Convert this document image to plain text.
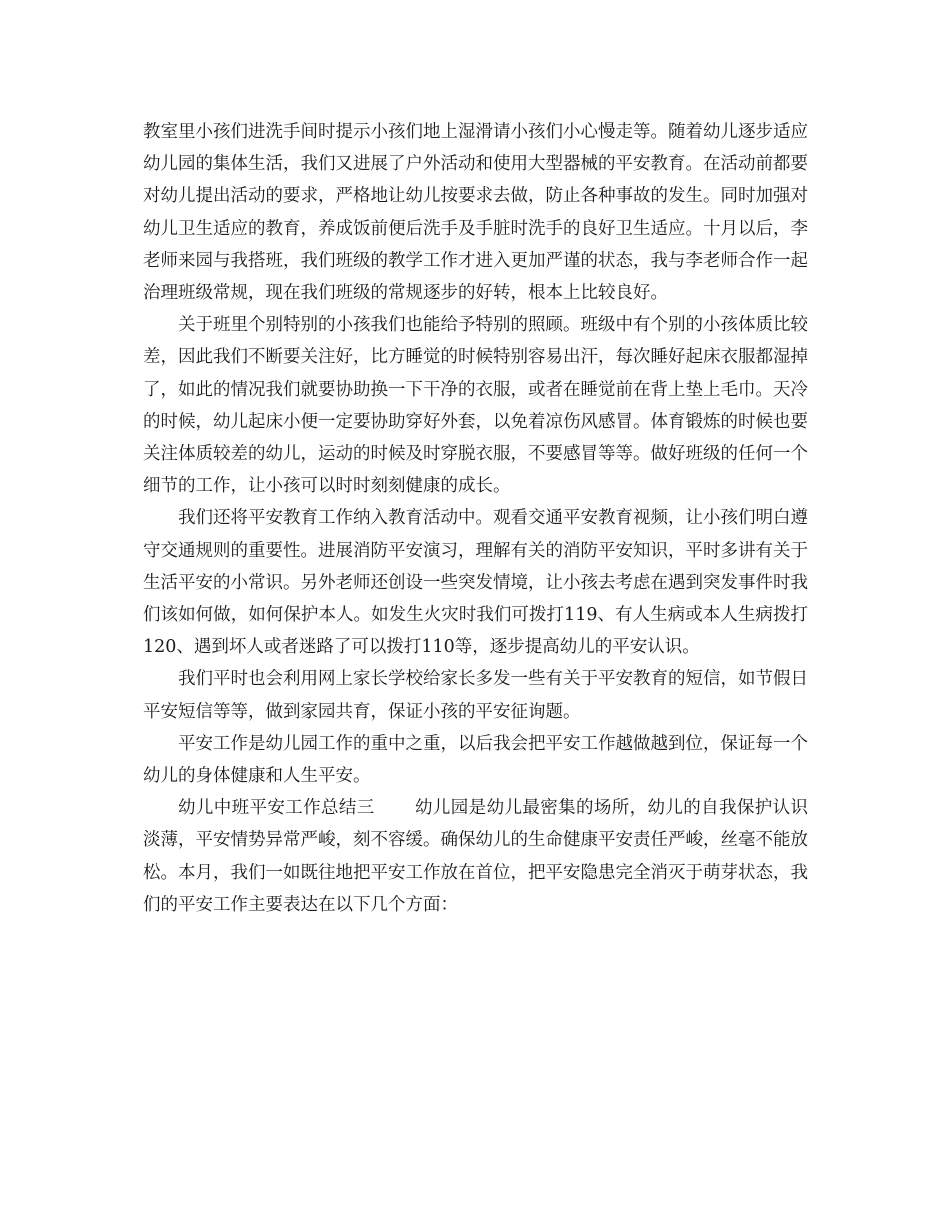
教室里小孩们进洗手间时提示小孩们地上湿滑请小孩们小心慢走等。随着幼儿逐步适应幼儿园的集体生活，我们又进展了户外活动和使用大型器械的平安教育。在活动前都要对幼儿提出活动的要求，严格地让幼儿按要求去做，防止各种事故的发生。同时加强对幼儿卫生适应的教育，养成饭前便后洗手及手脏时洗手的良好卫生适应。十月以后，李老师来园与我搭班，我们班级的教学工作才进入更加严谨的状态，我与李老师合作一起治理班级常规，现在我们班级的常规逐步的好转，根本上比较良好。

关于班里个别特别的小孩我们也能给予特别的照顾。班级中有个别的小孩体质比较差，因此我们不断要关注好，比方睡觉的时候特别容易出汗，每次睡好起床衣服都湿掉了，如此的情况我们就要协助换一下干净的衣服，或者在睡觉前在背上垫上毛巾。天冷的时候，幼儿起床小便一定要协助穿好外套，以免着凉伤风感冒。体育锻炼的时候也要关注体质较差的幼儿，运动的时候及时穿脱衣服，不要感冒等等。做好班级的任何一个细节的工作，让小孩可以时时刻刻健康的成长。

我们还将平安教育工作纳入教育活动中。观看交通平安教育视频，让小孩们明白遵守交通规则的重要性。进展消防平安演习，理解有关的消防平安知识，平时多讲有关于生活平安的小常识。另外老师还创设一些突发情境，让小孩去考虑在遇到突发事件时我们该如何做，如何保护本人。如发生火灾时我们可拨打119、有人生病或本人生病拨打120、遇到坏人或者迷路了可以拨打110等，逐步提高幼儿的平安认识。

我们平时也会利用网上家长学校给家长多发一些有关于平安教育的短信，如节假日平安短信等等，做到家园共育，保证小孩的平安征询题。

平安工作是幼儿园工作的重中之重，以后我会把平安工作越做越到位，保证每一个幼儿的身体健康和人生平安。

幼儿中班平安工作总结三 幼儿园是幼儿最密集的场所，幼儿的自我保护认识淡薄，平安情势异常严峻，刻不容缓。确保幼儿的生命健康平安责任严峻，丝毫不能放松。本月，我们一如既往地把平安工作放在首位，把平安隐患完全消灭于萌芽状态，我们的平安工作主要表达在以下几个方面：
